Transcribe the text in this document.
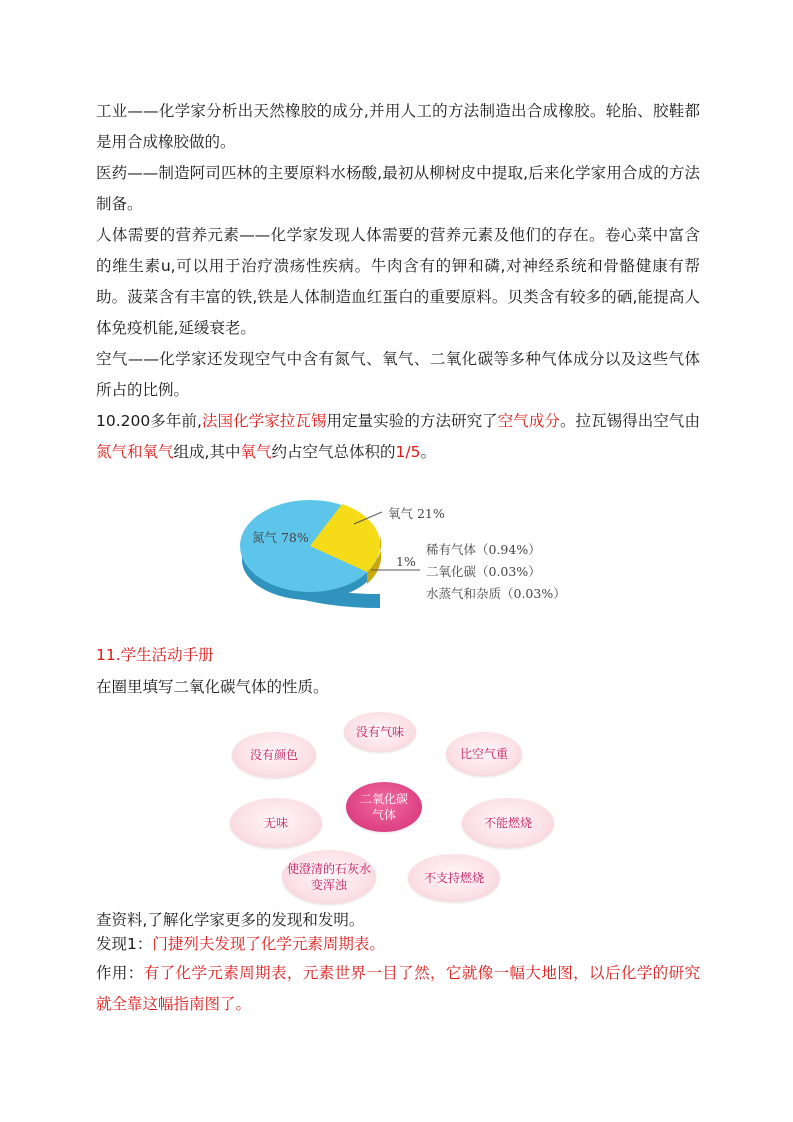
工业——化学家分析出天然橡胶的成分,并用人工的方法制造出合成橡胶。轮胎、胶鞋都是用合成橡胶做的。

医药——制造阿司匹林的主要原料水杨酸,最初从柳树皮中提取,后来化学家用合成的方法制备。

人体需要的营养元素——化学家发现人体需要的营养元素及他们的存在。卷心菜中富含的维生素u,可以用于治疗溃疡性疾病。牛肉含有的钾和磷,对神经系统和骨骼健康有帮助。菠菜含有丰富的铁,铁是人体制造血红蛋白的重要原料。贝类含有较多的硒,能提高人体免疫机能,延缓衰老。

空气——化学家还发现空气中含有氮气、氧气、二氧化碳等多种气体成分以及这些气体所占的比例。

10.200多年前,法国化学家拉瓦锡用定量实验的方法研究了空气成分。拉瓦锡得出空气由氮气和氧气组成,其中氧气约占空气总体积的1/5。

氮气 78%
氧气 21%
1%
稀有气体（0.94%）
二氧化碳（0.03%）
水蒸气和杂质（0.03%）

11.学生活动手册

在圈里填写二氧化碳气体的性质。

没有颜色
没有气味
比空气重
二氧化碳
气体
无味	不能燃烧
使澄清的石灰水
变浑浊	不支持燃烧

查资料,了解化学家更多的发现和发明。

发现1：门捷列夫发现了化学元素周期表。

作用：有了化学元素周期表，元素世界一目了然，它就像一幅大地图，以后化学的研究就全靠这幅指南图了。
